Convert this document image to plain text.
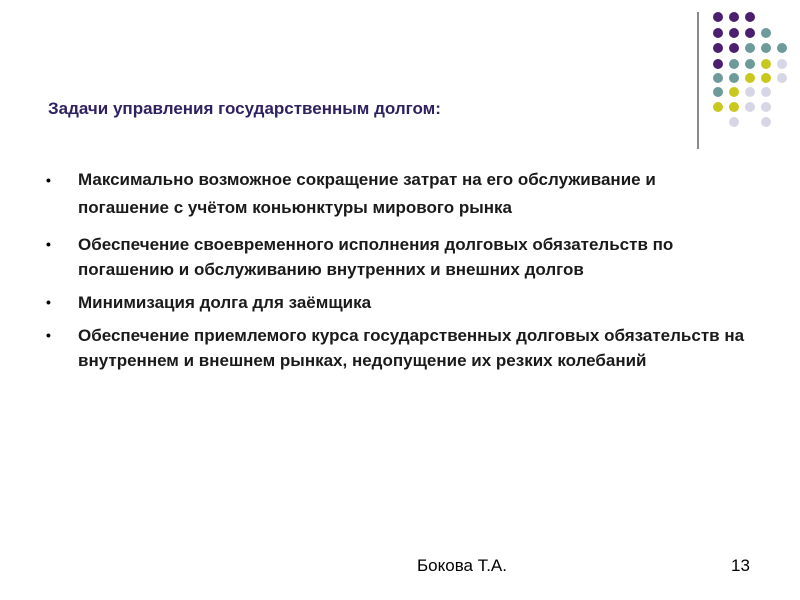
Задачи управления государственным долгом:
• Максимально возможное сокращение затрат на его обслуживание и погашение с учётом коньюнктуры мирового рынка
• Обеспечение своевременного исполнения долговых обязательств по погашению и обслуживанию внутренних и внешних долгов
• Минимизация долга для заёмщика
• Обеспечение приемлемого курса государственных долговых обязательств на внутреннем и внешнем рынках, недопущение их резких колебаний
Бокова Т.А.	13
